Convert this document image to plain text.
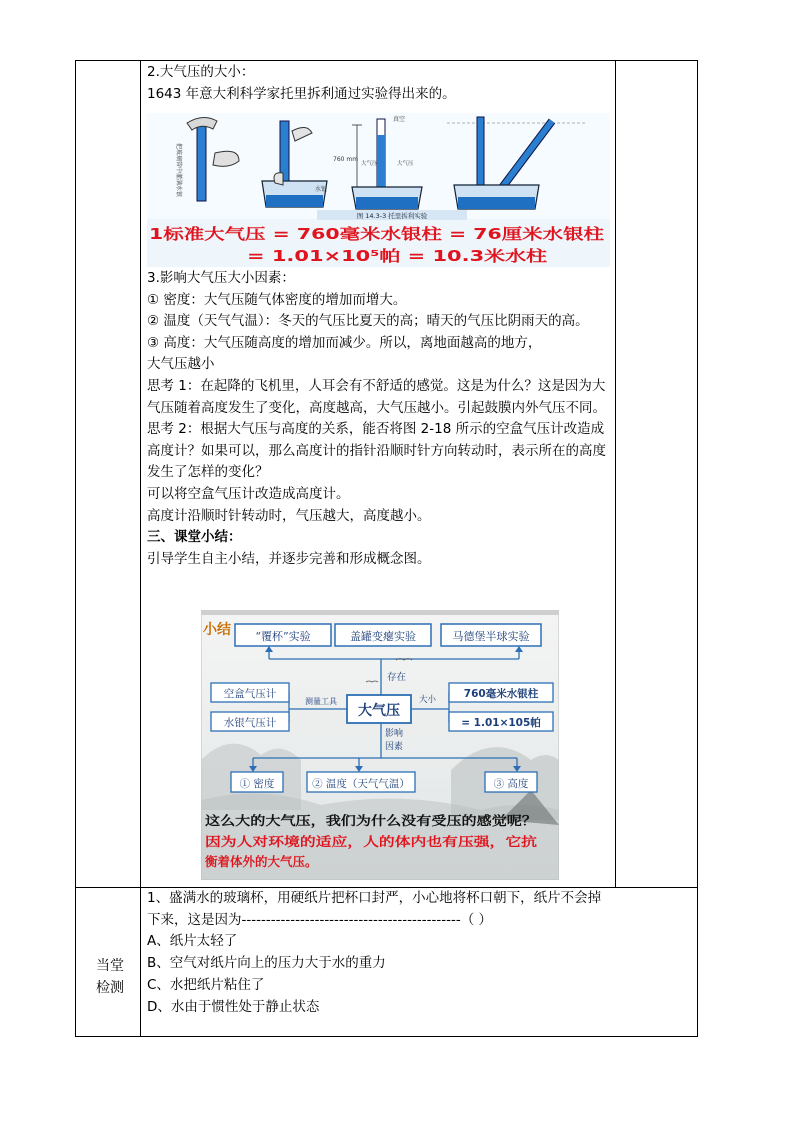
2.大气压的大小：

1643 年意大利科学家托里拆利通过实验得出来的。

把玻璃管中灌满水银	水银
760 mm
真空
大气压	大气压
图 14.3-3 托里拆利实验
1标准大气压 = 760毫米水银柱 = 76厘米水银柱
= 1.01×10⁵帕 = 10.3米水柱

3.影响大气压大小因素：

① 密度：大气压随气体密度的增加而增大。

② 温度（天气气温）：冬天的气压比夏天的高；晴天的气压比阴雨天的高。

③ 高度：大气压随高度的增加而减少。所以，离地面越高的地方，

大气压越小

思考 1：在起降的飞机里，人耳会有不舒适的感觉。这是为什么？这是因为大气压随着高度发生了变化，高度越高，大气压越小。引起鼓膜内外气压不同。

思考 2：根据大气压与高度的关系，能否将图 2-18 所示的空盒气压计改造成高度计？如果可以，那么高度计的指针沿顺时针方向转动时，表示所在的高度发生了怎样的变化？

可以将空盒气压计改造成高度计。

高度计沿顺时针转动时，气压越大，高度越小。

三、课堂小结：

引导学生自主小结，并逐步完善和形成概念图。

小结 “覆杯”实验	盖罐变瘪实验	马德堡半球实验
存在
大气压
测量工具
空盒气压计
水银气压计
大小	760毫米水银柱
= 1.01×105帕
影响
因素
① 密度	② 温度（天气气温）	③ 高度
这么大的大气压，我们为什么没有受压的感觉呢？
因为人对环境的适应，人的体内也有压强，它抗
衡着体外的大气压。
当堂
检测

1、盛满水的玻璃杯，用硬纸片把杯口封严，小心地将杯口朝下，纸片不会掉

下来，这是因为---------------------------------------------（ ）

A、纸片太轻了

B、空气对纸片向上的压力大于水的重力

C、水把纸片粘住了

D、水由于惯性处于静止状态
